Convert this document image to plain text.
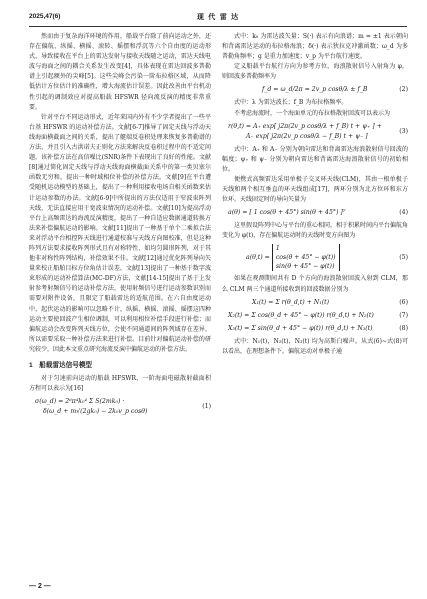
2025,47(6)	现 代 雷 达

然而由于复杂海洋环境的作用，船载平台除了前向运动之外，还存在偏航、纵摇、横摇、滚转、摇摆和浮沉等六个自由度的运动形式，导致接收在平台上的雷达发射与接收天线随之运动，雷达天线电波与海面之间的耦合关系发生改变[4]，具体表现在雷达回波多普勒谱上引起额外的尖峰[5]。这些尖峰会污染一阶布拉格区域，从而降低估计方位估计的准确性，增大海流估计误差。因此改善由平台机动性引起的调制效应对提高船载 HFSWR 径向流反演的精度非常重要。

针对平台不同运动形式，近年来国内外有不少学者提出了一些平台基 HFSWR 的运动补偿方法。文献[6-7]推导了固定天线与浮动天线海面横截面之间的关系，提出了艇端反卷积处理来恢复多普勒谱的方法，并且引入古洪诺夫正则化方法来解决反卷积过程中的不适定问题，该补偿方法在高信噪比(SNR)条件下表现出了良好的性能。文献[8]通过简化固定天线与浮动天线海面横截面关系中的第一类贝塞尔函数无穷和，提出一种时域相位补偿的补偿方法。文献[9]在平台遭受随机运动模型的基础上，提出了一种利用接收电场自相关函数来估计运动参数的办法。文献[6-9]中所提出的方法仅适用于窄波束阵列天线，无法直接应用于宽波束情况的运动补偿。文献[10]为提高浮动平台上高频雷达的海流反演精度，提出了一种自适应数据通道转换方法来补偿偏航运动的影响。文献[11]提出了一种基于单个二乘拟合法来对浮动平台相控阵天线进行通道校准与天线方向图校准，但是这种阵列方法要求接收阵列形式且有对称特性，如均匀圆形阵列，对于其他非对称性阵列结构，补偿效果不佳。文献[12]通过优化阵列导向矢量来校正船舶目标方位角估计误差。文献[13]提出了一种基于数字波束形成的运动补偿算法(MC-DF)方法，文献[14-15]提出了基于上发射参考射频信号的运动补偿方法，使用射频信号进行运动参数识别而需要对附件设备，且限定了船载雷达的适航范围。在六自由度运动中，起伏运动的影响可以忽略不计，纵摇、横摇、滚摇、摇摆这四种运动主要使回波产生相位调制，可以利用相位补偿手段进行补偿；而偏航运动会改变阵列天线方位，会使不同通道间的阵列域存在差异，所以需要采取一种补偿方法来进行补偿。目前针对偏航运动补偿的研究较少，因此本文重点研究海流反演中偏航运动的补偿方法。

1　船载雷达信号模型

对于匀速前向运动的船载 HFSWR，一阶海面电磁散射截面积方程可以表示为[16]

σ(ω_d) = 2⁶π⁴k₀⁴ Σ S(2mk₀) ·
δ(ω_d + m√(2gk₀) − 2k₀v_p cosθ)
(1)

式中：k₀ 为雷达波矢量；S(·) 表示有向浪谱；m = ±1 表示朝向和背离雷达运动的布拉格海浪；δ(·) 表示狄拉克冲激函数；ω_d 为多普勒角频率；g 是重力加速度；v_p 为平台航行速度。

定义船载平台航行方向为参考方位，海浪散射信号入射角为 φ，则回波多普勒频率为

f_d = ω_d/2π = 2v_p cosθ/λ ± f_B	(2)

式中：λ 为雷达波长；f_B 为布拉格频率。

不考虑海流时，一个海面单元的布拉格散射回波可以表示为

r(θ,t) = A₊ exp[ j2π(2v_p cosθ/λ + f_B) t + ψ₊ ] +
A₋ exp[ j2π(2v_p cosθ/λ − f_B) t + ψ₋ ]
(3)

式中：A₊ 和 A₋ 分别为朝向雷达和背离雷达海浪散射信号回波的幅度；ψ₊ 和 ψ₋ 分别为朝向雷达和背离雷达海浪散射信号的初始相位。

便携式高频雷达采用单极子交叉环天线(CLM)，其由一根单极子天线和两个相互垂直的环天线组成[17]，两环分别为北方位环和东方位环。天线固定时的导向矢量为

a(θ) = [ 1 cos(θ + 45°) sin(θ + 45°) ]ᵀ	(4)

这里假设阵列中心与平台的重心相同，相于积累时间内平台偏航角变化为 φ(t)，存在偏航运动时的天线时变方向图为

a(θ,t) =
1
cos(θ + 45° − φ(t))
sin(θ + 45° − φ(t))
(5)

如果在观测期间共有 D 个方向的海浪散射回波入射到 CLM，那么 CLM 两三个通道所接收到的回波数据分别为

X₁(t) = Σ r(θ_d,t) + N₁(t)	(6)
X₂(t) = Σ cos(θ_d + 45° − φ(t)) r(θ_d,t) + N₂(t)	(7)
X₃(t) = Σ sin(θ_d + 45° − φ(t)) r(θ_d,t) + N₃(t)	(8)

式中：N₁(t)，N₂(t)，N₃(t) 均为高斯白噪声。从式(6)~式(8)可以看出，在理想条件下，偏航运动对单极子通

— 2 —
